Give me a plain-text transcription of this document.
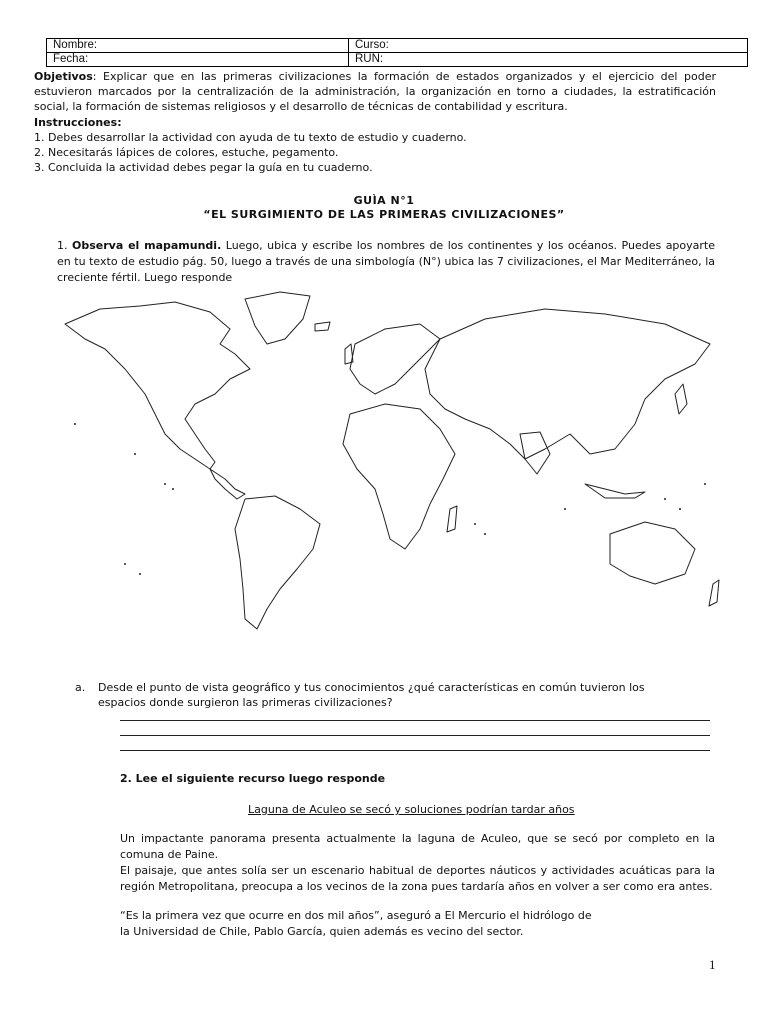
Nombre:	Curso:
Fecha:	RUN:
Objetivos: Explicar que en las primeras civilizaciones la formación de estados organizados y el ejercicio del poder estuvieron marcados por la centralización de la administración, la organización en torno a ciudades, la estratificación social, la formación de sistemas religiosos y el desarrollo de técnicas de contabilidad y escritura.
Instrucciones:
1. Debes desarrollar la actividad con ayuda de tu texto de estudio y cuaderno.
2. Necesitarás lápices de colores, estuche, pegamento.
3. Concluida la actividad debes pegar la guía en tu cuaderno.
GUÌA N°1
“EL SURGIMIENTO DE LAS PRIMERAS CIVILIZACIONES”
1. Observa el mapamundi. Luego, ubica y escribe los nombres de los continentes y los océanos. Puedes apoyarte en tu texto de estudio pág. 50, luego a través de una simbología (N°) ubica las 7 civilizaciones, el Mar Mediterráneo, la creciente fértil. Luego responde
a.	Desde el punto de vista geográfico y tus conocimientos ¿qué características en común tuvieron los espacios donde surgieron las primeras civilizaciones?
2. Lee el siguiente recurso luego responde
Laguna de Aculeo se secó y soluciones podrían tardar años
Un impactante panorama presenta actualmente la laguna de Aculeo, que se secó por completo en la comuna de Paine.
El paisaje, que antes solía ser un escenario habitual de deportes náuticos y actividades acuáticas para la región Metropolitana, preocupa a los vecinos de la zona pues tardaría años en volver a ser como era antes.
“Es la primera vez que ocurre en dos mil años”, aseguró a El Mercurio el hidrólogo de
la Universidad de Chile, Pablo García, quien además es vecino del sector.
1
